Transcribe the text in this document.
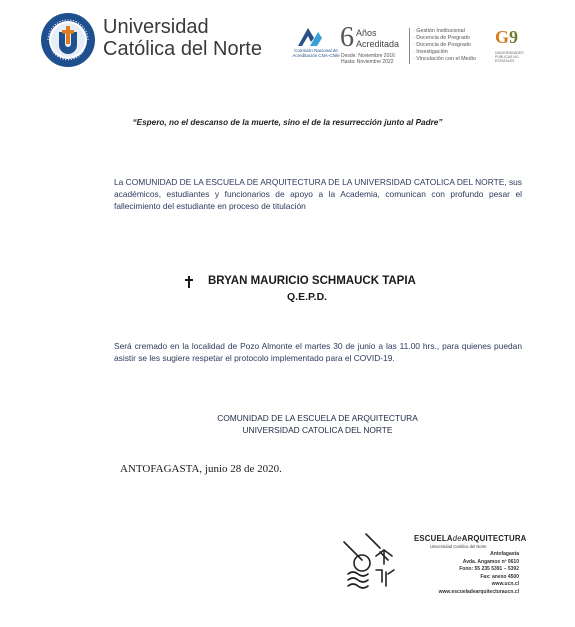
Universidad
Católica del Norte	Comisión Nacional de Acreditación CNA-Chile
6 Años
Acreditada
Desde: Noviembre 2016
Hasta: Noviembre 2022
· Gestión Institucional
· Docencia de Pregrado
· Docencia de Posgrado
· Investigación
· Vinculación con el Medio
G9
UNIVERSIDADES PÚBLICAS NO ESTATALES
“Espero, no el descanso de la muerte, sino el de la resurrección junto al Padre”
La COMUNIDAD DE LA ESCUELA DE ARQUITECTURA DE LA UNIVERSIDAD CATOLICA DEL NORTE, sus académicos, estudiantes y funcionarios de apoyo a la Academia, comunican con profundo pesar el fallecimiento del estudiante en proceso de titulación
BRYAN MAURICIO SCHMAUCK TAPIA
Q.E.P.D.
Será cremado en la localidad de Pozo Almonte el martes 30 de junio a las 11.00 hrs., para quienes puedan asistir se les sugiere respetar el protocolo implementado para el COVID-19.
COMUNIDAD DE LA ESCUELA DE ARQUITECTURA
UNIVERSIDAD CATOLICA DEL NORTE
ANTOFAGASTA, junio 28 de 2020.
ESCUELAdeARQUITECTURA
Universidad Católica del Norte
Antofagasta
Avda. Angamos nº 0610
Fono: 55 235 5391 – 5392
Fax: anexo 4500
www.ucn.cl
www.escueladearquitecturaucn.cl
